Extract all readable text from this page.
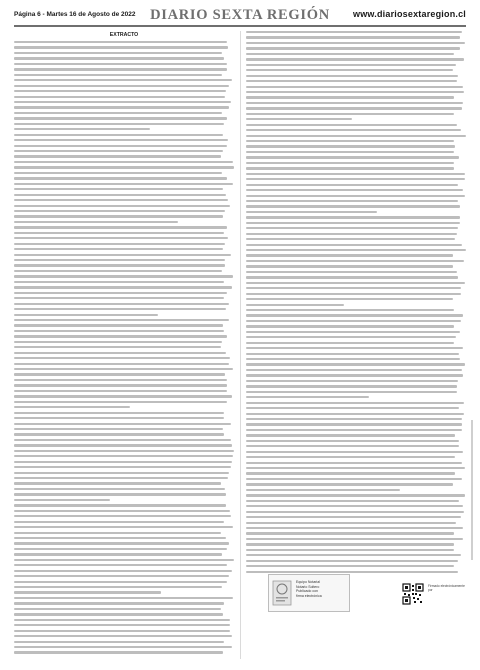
Página 6 - Martes 16 de Agosto de 2022	DIARIO SEXTA REGIÓN	www.diariosextaregion.cl
EXTRACTO
Equipo Notarial
Notario Soltero
Publicado con
firma electrónica
Firmado electrónicamente por
